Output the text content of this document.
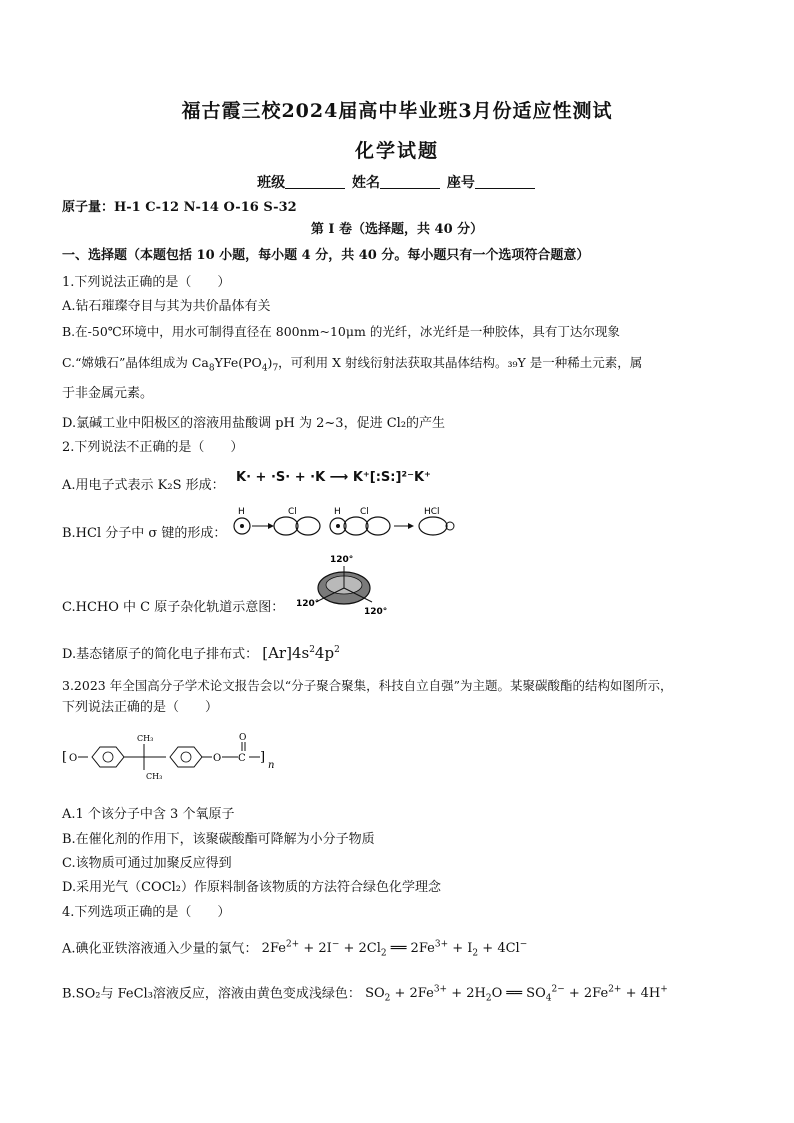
福古霞三校2024届高中毕业班3月份适应性测试
化学试题
班级	姓名	座号
原子量：H-1 C-12 N-14 O-16 S-32
第 I 卷（选择题，共 40 分）
一、选择题（本题包括 10 小题，每小题 4 分，共 40 分。每小题只有一个选项符合题意）
1.下列说法正确的是（　　）
A.钻石璀璨夺目与其为共价晶体有关
B.在-50℃环境中，用水可制得直径在 800nm~10μm 的光纤，冰光纤是一种胶体，具有丁达尔现象
C.“嫦娥石”晶体组成为 $Ca_8YFe(PO_4)_7$，可利用 X 射线衍射法获取其晶体结构。₃₉Y 是一种稀土元素，属
于非金属元素。
D.氯碱工业中阳极区的溶液用盐酸调 pH 为 2~3，促进 Cl₂的产生
2.下列说法不正确的是（　　）
A.用电子式表示 K₂S 形成：
K· + ·S· + ·K ⟶ K⁺[:S:]²⁻K⁺
B.HCl 分子中 σ 键的形成：
H	Cl	H Cl	HCl
C.HCHO 中 C 原子杂化轨道示意图：
120°
120°
120°
D.基态锗原子的简化电子排布式： $[Ar]4s^24p^2$
3.2023 年全国高分子学术论文报告会以“分子聚合聚集，科技自立自强”为主题。某聚碳酸酯的结构如图所示，
下列说法正确的是（　　）
[ O
CH₃
CH₃
O C
O
]
n
A.1 个该分子中含 3 个氧原子
B.在催化剂的作用下，该聚碳酸酯可降解为小分子物质
C.该物质可通过加聚反应得到
D.采用光气（COCl₂）作原料制备该物质的方法符合绿色化学理念
4.下列选项正确的是（　　）
A.碘化亚铁溶液通入少量的氯气： $2Fe^{2+} + 2I^- + 2Cl_2$ ══ $2Fe^{3+} + I_2 + 4Cl^-$
B.SO₂与 FeCl₃溶液反应，溶液由黄色变成浅绿色： $SO_2 + 2Fe^{3+} + 2H_2O$ ══ $SO_4^{2-} + 2Fe^{2+} + 4H^+$
